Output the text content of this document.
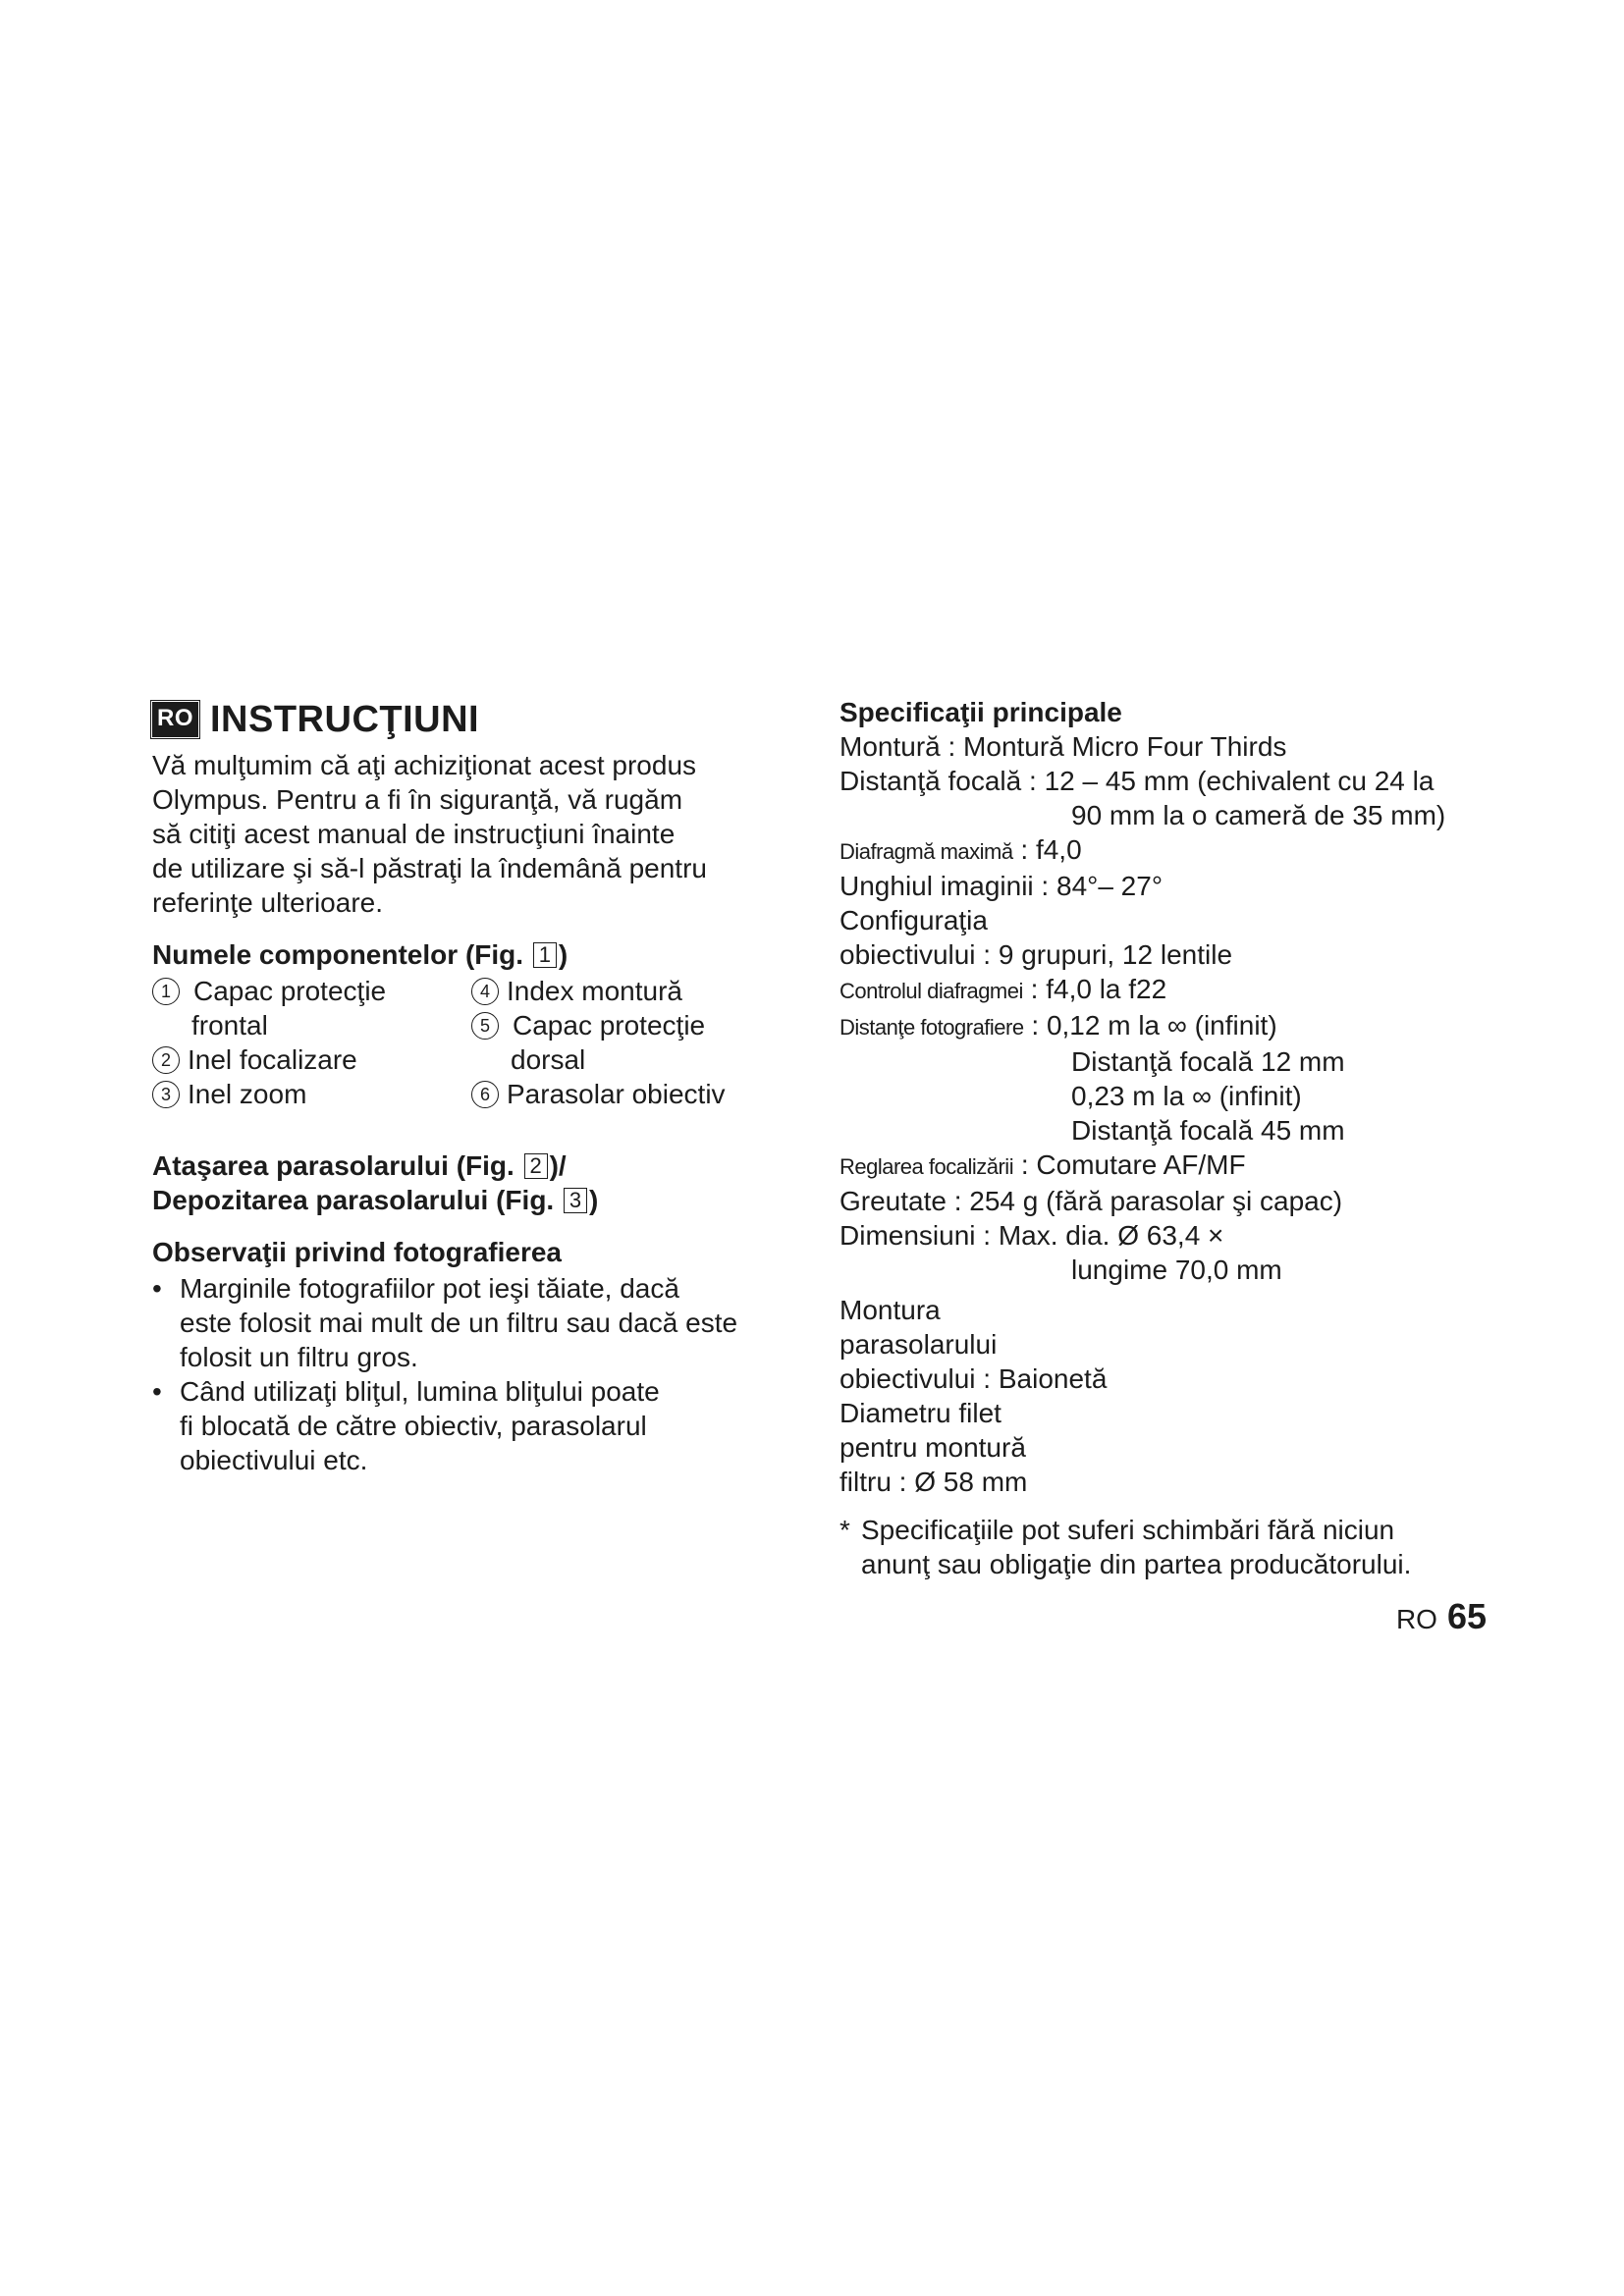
RO INSTRUCŢIUNI

Vă mulţumim că aţi achiziţionat acest produs
Olympus. Pentru a fi în siguranţă, vă rugăm
să citiţi acest manual de instrucţiuni înainte
de utilizare şi să-l păstraţi la îndemână pentru
referinţe ulterioare.

Numele componentelor (Fig. 1 )

1 Capac protecţie
frontal
2 Inel focalizare
3 Inel zoom
4 Index montură
5 Capac protecţie
dorsal
6 Parasolar obiectiv

Ataşarea parasolarului (Fig. 2 )/
Depozitarea parasolarului (Fig. 3 )

Observaţii privind fotografierea

• Marginile fotografiilor pot ieşi tăiate, dacă
este folosit mai mult de un filtru sau dacă este
folosit un filtru gros.
• Când utilizaţi bliţul, lumina bliţului poate
fi blocată de către obiectiv, parasolarul
obiectivului etc.

Specificaţii principale

Montură : Montură Micro Four Thirds
Distanţă focală : 12 – 45 mm (echivalent cu 24 la
90 mm la o cameră de 35 mm)
Diafragmă maximă : f4,0
Unghiul imaginii : 84°– 27°
Configuraţia
obiectivului : 9 grupuri, 12 lentile
Controlul diafragmei : f4,0 la f22
Distanţe fotografiere : 0,12 m la ∞ (infinit)
Distanţă focală 12 mm
0,23 m la ∞ (infinit)
Distanţă focală 45 mm
Reglarea focalizării : Comutare AF/MF
Greutate : 254 g (fără parasolar şi capac)
Dimensiuni : Max. dia. Ø 63,4 ×
lungime 70,0 mm
Montura
parasolarului
obiectivului : Baionetă
Diametru filet
pentru montură
filtru : Ø 58 mm
* Specificaţiile pot suferi schimbări fără niciun
anunţ sau obligaţie din partea producătorului.
RO 65
